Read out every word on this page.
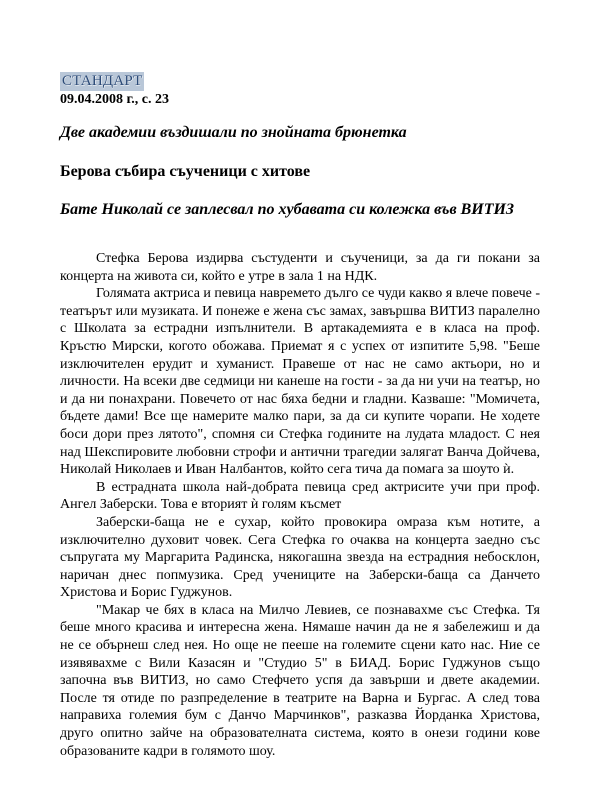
СТАНДАРТ
09.04.2008 г., с. 23
Две академии въздишали по знойната брюнетка
Берова събира съученици с хитове
Бате Николай се заплесвал по хубавата си колежка във ВИТИЗ

Стефка Берова издирва състуденти и съученици, за да ги покани за концерта на живота си, който е утре в зала 1 на НДК.

Голямата актриса и певица навремето дълго се чуди какво я влече повече - театърът или музиката. И понеже е жена със замах, завършва ВИТИЗ паралелно с Школата за естрадни изпълнители. В артакадемията е в класа на проф. Кръстю Мирски, когото обожава. Приемат я с успех от изпитите 5,98. "Беше изключителен ерудит и хуманист. Правеше от нас не само актьори, но и личности. На всеки две седмици ни канеше на гости - за да ни учи на театър, но и да ни понахрани. Повечето от нас бяха бедни и гладни. Казваше: "Момичета, бъдете дами! Все ще намерите малко пари, за да си купите чорапи. Не ходете боси дори през лятото", спомня си Стефка годините на лудата младост. С нея над Шекспировите любовни строфи и антични трагедии залягат Ванча Дойчева, Николай Николаев и Иван Налбантов, който сега тича да помага за шоуто ѝ.

В естрадната школа най-добрата певица сред актрисите учи при проф. Ангел Заберски. Това е вторият ѝ голям късмет

Заберски-баща не е сухар, който провокира омраза към нотите, а изключително духовит човек. Сега Стефка го очаква на концерта заедно със съпругата му Маргарита Радинска, някогашна звезда на естрадния небосклон, наричан днес попмузика. Сред учениците на Заберски-баща са Данчето Христова и Борис Гуджунов.

"Макар че бях в класа на Милчо Левиев, се познавахме със Стефка. Тя беше много красива и интересна жена. Нямаше начин да не я забележиш и да не се обърнеш след нея. Но още не пееше на големите сцени като нас. Ние се изявявахме с Вили Казасян и "Студио 5" в БИАД. Борис Гуджунов също започна във ВИТИЗ, но само Стефчето успя да завърши и двете академии. После тя отиде по разпределение в театрите на Варна и Бургас. А след това направиха големия бум с Данчо Марчинков", разказва Йорданка Христова, друго опитно зайче на образователната система, която в онези години кове образованите кадри в голямото шоу.
